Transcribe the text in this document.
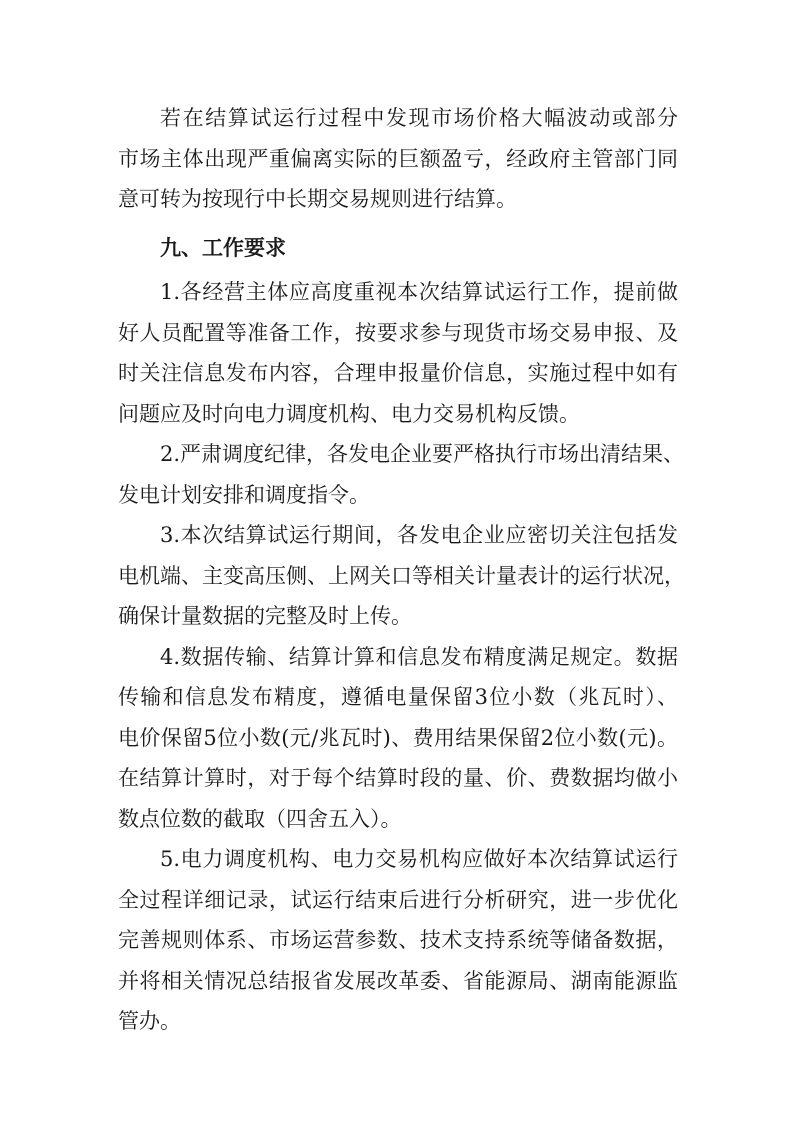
若在结算试运行过程中发现市场价格大幅波动或部分
市场主体出现严重偏离实际的巨额盈亏，经政府主管部门同
意可转为按现行中长期交易规则进行结算。
九、工作要求
1.各经营主体应高度重视本次结算试运行工作，提前做
好人员配置等准备工作，按要求参与现货市场交易申报、及
时关注信息发布内容，合理申报量价信息，实施过程中如有
问题应及时向电力调度机构、电力交易机构反馈。
2.严肃调度纪律，各发电企业要严格执行市场出清结果、
发电计划安排和调度指令。
3.本次结算试运行期间，各发电企业应密切关注包括发
电机端、主变高压侧、上网关口等相关计量表计的运行状况，
确保计量数据的完整及时上传。
4.数据传输、结算计算和信息发布精度满足规定。数据
传输和信息发布精度，遵循电量保留3位小数（兆瓦时）、
电价保留5位小数(元/兆瓦时)、费用结果保留2位小数(元)。
在结算计算时，对于每个结算时段的量、价、费数据均做小
数点位数的截取（四舍五入）。
5.电力调度机构、电力交易机构应做好本次结算试运行
全过程详细记录，试运行结束后进行分析研究，进一步优化
完善规则体系、市场运营参数、技术支持系统等储备数据，
并将相关情况总结报省发展改革委、省能源局、湖南能源监
管办。
